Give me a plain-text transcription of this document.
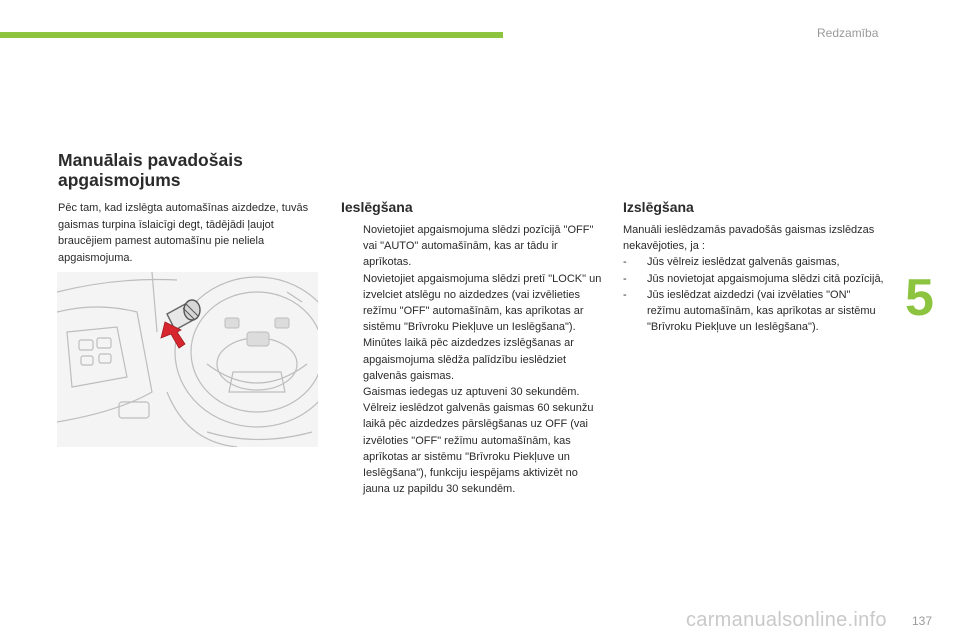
Redzamība
5
137
carmanualsonline.info
Manuālais pavadošais
apgaismojums

Pēc tam, kad izslēgta automašīnas aizdedze, tuvās gaismas turpina īslaicīgi degt, tādējādi ļaujot braucējiem pamest automašīnu pie neliela apgaismojuma.

Ieslēgšana
Novietojiet apgaismojuma slēdzi pozīcijā "OFF" vai "AUTO" automašīnām, kas ar tādu ir aprīkotas.
Novietojiet apgaismojuma slēdzi pretī "LOCK" un izvelciet atslēgu no aizdedzes (vai izvēlieties režīmu "OFF" automašīnām, kas aprīkotas ar sistēmu "Brīvroku Piekļuve un Ieslēgšana").
Minūtes laikā pēc aizdedzes izslēgšanas ar apgaismojuma slēdža palīdzību ieslēdziet galvenās gaismas.
Gaismas iedegas uz aptuveni 30 sekundēm.
Vēlreiz ieslēdzot galvenās gaismas 60 sekunžu laikā pēc aizdedzes pārslēgšanas uz OFF (vai izvēloties "OFF" režīmu automašīnām, kas aprīkotas ar sistēmu "Brīvroku Piekļuve un Ieslēgšana"), funkciju iespējams aktivizēt no jauna uz papildu 30 sekundēm.
Izslēgšana

Manuāli ieslēdzamās pavadošās gaismas izslēdzas nekavējoties, ja :

-	Jūs vēlreiz ieslēdzat galvenās gaismas,
-	Jūs novietojat apgaismojuma slēdzi citā pozīcijā,
-	Jūs ieslēdzat aizdedzi (vai izvēlaties "ON" režīmu automašīnām, kas aprīkotas ar sistēmu "Brīvroku Piekļuve un Ieslēgšana").
